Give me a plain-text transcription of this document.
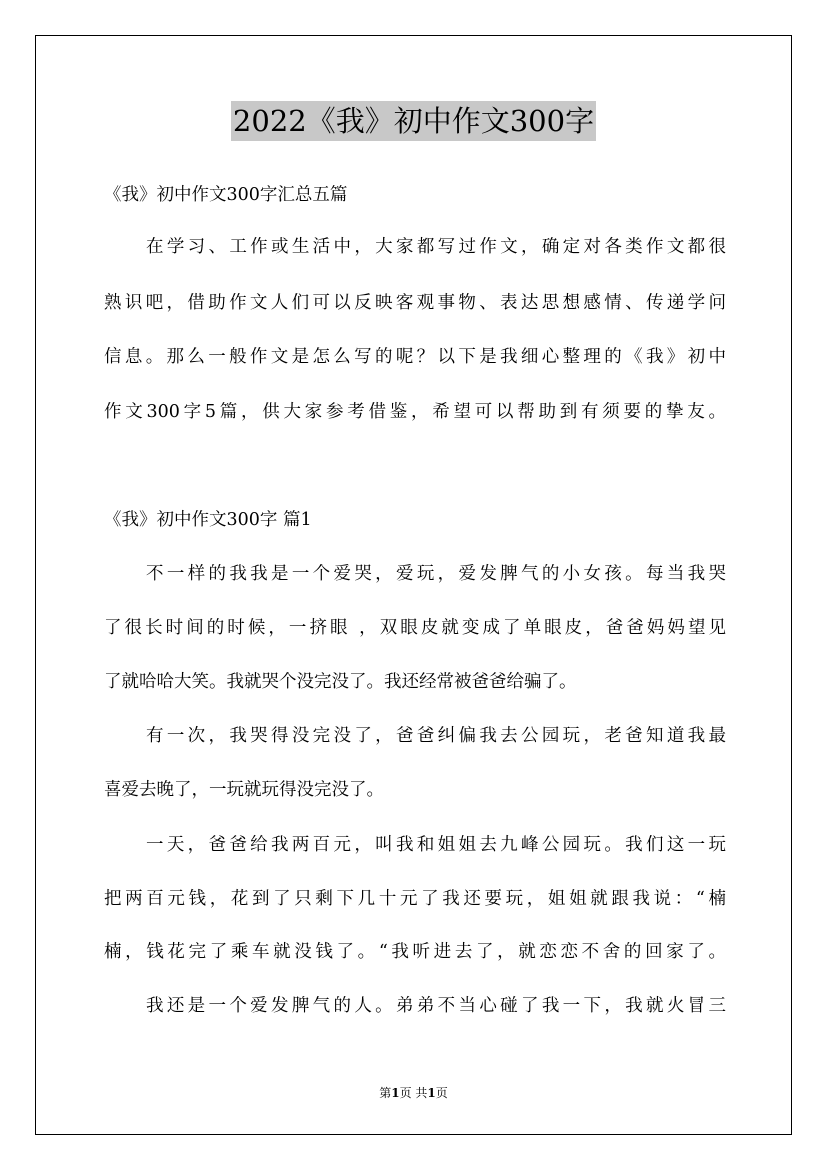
2022《我》初中作文300字
《我》初中作文300字汇总五篇
在学习、工作或生活中，大家都写过作文，确定对各类作文都很
熟识吧，借助作文人们可以反映客观事物、表达思想感情、传递学问
信息。那么一般作文是怎么写的呢？以下是我细心整理的《我》初中
作文300字5篇，供大家参考借鉴，希望可以帮助到有须要的挚友。
《我》初中作文300字 篇1
不一样的我我是一个爱哭，爱玩，爱发脾气的小女孩。每当我哭
了很长时间的时候，一挤眼 ，双眼皮就变成了单眼皮，爸爸妈妈望见
了就哈哈大笑。我就哭个没完没了。我还经常被爸爸给骗了。
有一次，我哭得没完没了，爸爸纠偏我去公园玩，老爸知道我最
喜爱去晚了，一玩就玩得没完没了。
一天，爸爸给我两百元，叫我和姐姐去九峰公园玩。我们这一玩
把两百元钱，花到了只剩下几十元了我还要玩，姐姐就跟我说：“楠
楠，钱花完了乘车就没钱了。“我听进去了，就恋恋不舍的回家了。
我还是一个爱发脾气的人。弟弟不当心碰了我一下，我就火冒三
第1页 共1页
